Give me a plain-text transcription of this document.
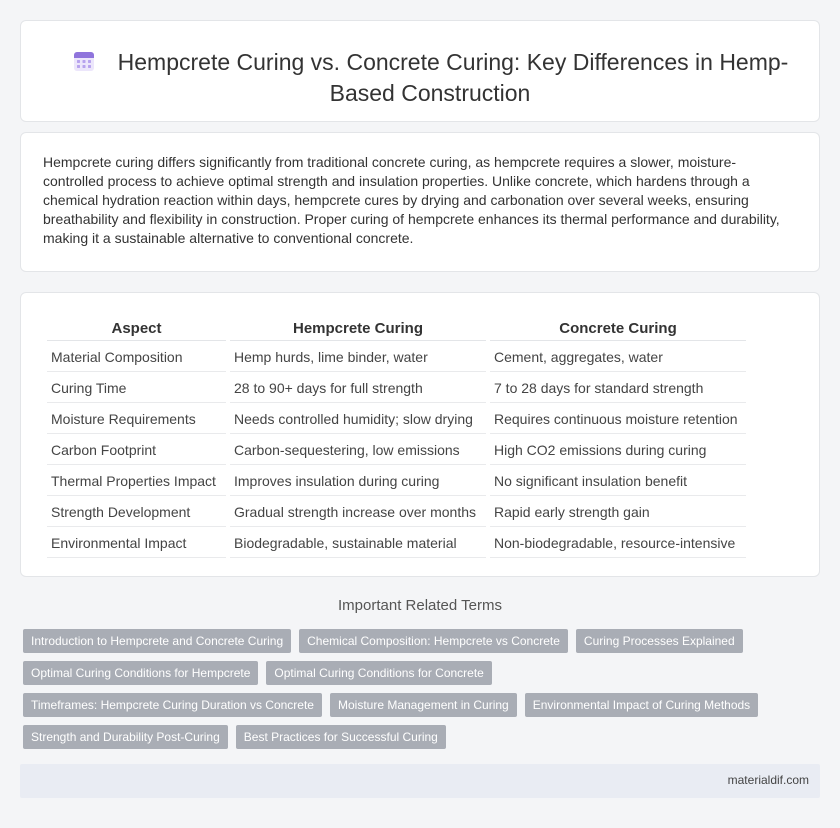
Hempcrete Curing vs. Concrete Curing: Key Differences in Hemp-Based Construction

Hempcrete curing differs significantly from traditional concrete curing, as hempcrete requires a slower, moisture-controlled process to achieve optimal strength and insulation properties. Unlike concrete, which hardens through a chemical hydration reaction within days, hempcrete cures by drying and carbonation over several weeks, ensuring breathability and flexibility in construction. Proper curing of hempcrete enhances its thermal performance and durability, making it a sustainable alternative to conventional concrete.

Aspect	Hempcrete Curing	Concrete Curing
Material Composition	Hemp hurds, lime binder, water	Cement, aggregates, water
Curing Time	28 to 90+ days for full strength	7 to 28 days for standard strength
Moisture Requirements	Needs controlled humidity; slow drying	Requires continuous moisture retention
Carbon Footprint	Carbon-sequestering, low emissions	High CO2 emissions during curing
Thermal Properties Impact	Improves insulation during curing	No significant insulation benefit
Strength Development	Gradual strength increase over months	Rapid early strength gain
Environmental Impact	Biodegradable, sustainable material	Non-biodegradable, resource-intensive
Important Related Terms
Introduction to Hempcrete and Concrete Curing	Chemical Composition: Hempcrete vs Concrete	Curing Processes Explained
Optimal Curing Conditions for Hempcrete	Optimal Curing Conditions for Concrete
Timeframes: Hempcrete Curing Duration vs Concrete	Moisture Management in Curing	Environmental Impact of Curing Methods
Strength and Durability Post-Curing	Best Practices for Successful Curing
materialdif.com
